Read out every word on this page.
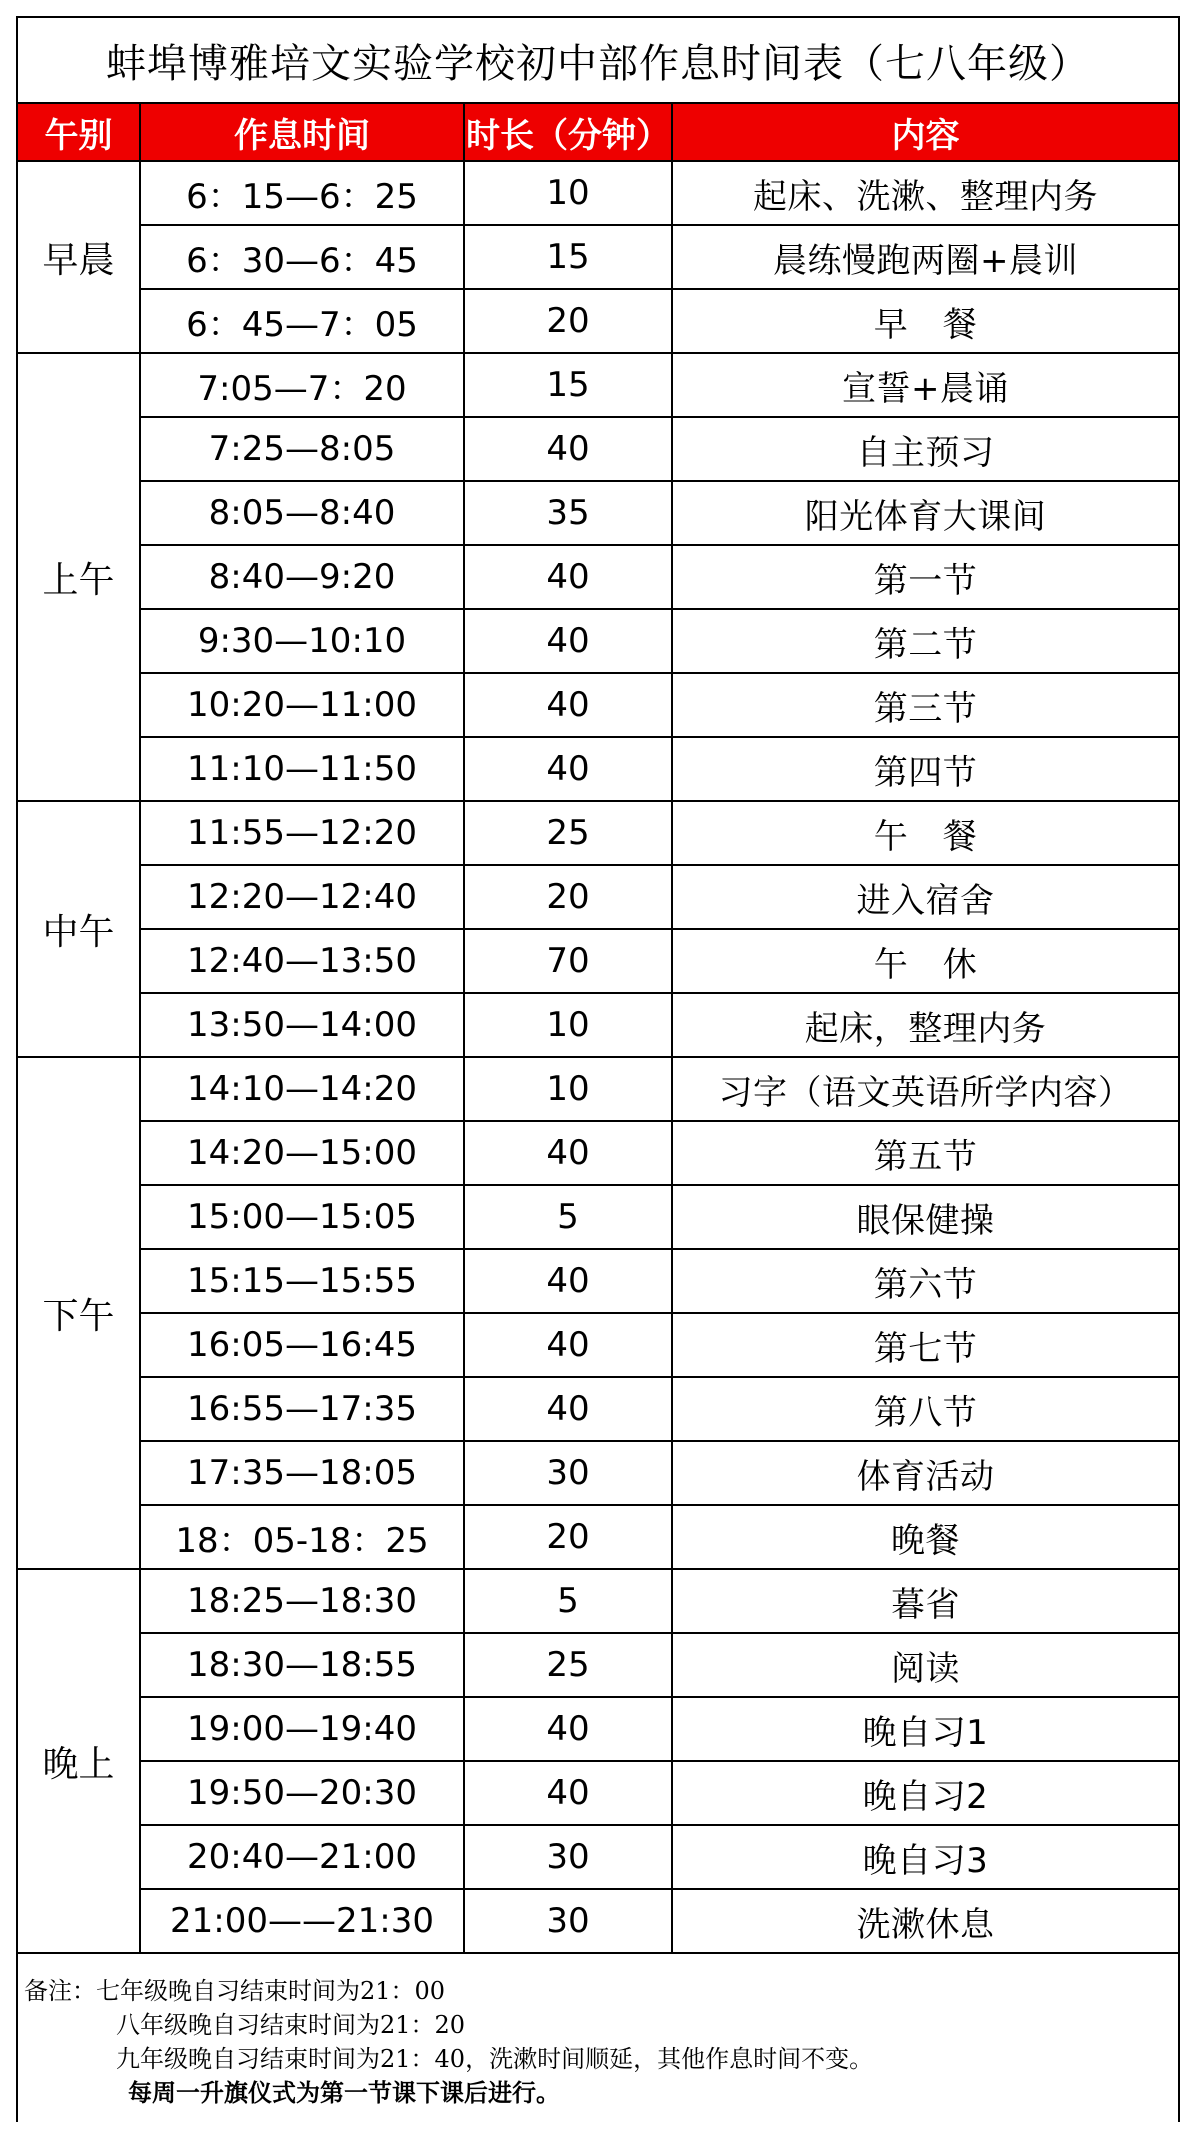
蚌埠博雅培文实验学校初中部作息时间表（七八年级）
午别	作息时间	时长（分钟）	内容
早晨	6：15—6：25	10	起床、洗漱、整理内务
	6：30—6：45	15	晨练慢跑两圈+晨训
	6：45—7：05	20	早　餐
上午	7:05—7：20	15	宣誓+晨诵
	7:25—8:05	40	自主预习
	8:05—8:40	35	阳光体育大课间
	8:40—9:20	40	第一节
	9:30—10:10	40	第二节
	10:20—11:00	40	第三节
	11:10—11:50	40	第四节
中午	11:55—12:20	25	午　餐
	12:20—12:40	20	进入宿舍
	12:40—13:50	70	午　休
	13:50—14:00	10	起床，整理内务
下午	14:10—14:20	10	习字（语文英语所学内容）
	14:20—15:00	40	第五节
	15:00—15:05	5	眼保健操
	15:15—15:55	40	第六节
	16:05—16:45	40	第七节
	16:55—17:35	40	第八节
	17:35—18:05	30	体育活动
	18：05-18：25	20	晚餐
晚上	18:25—18:30	5	暮省
	18:30—18:55	25	阅读
	19:00—19:40	40	晚自习1
	19:50—20:30	40	晚自习2
	20:40—21:00	30	晚自习3
	21:00——21:30	30	洗漱休息
备注：七年级晚自习结束时间为21：00
八年级晚自习结束时间为21：20
九年级晚自习结束时间为21：40，洗漱时间顺延，其他作息时间不变。
每周一升旗仪式为第一节课下课后进行。
